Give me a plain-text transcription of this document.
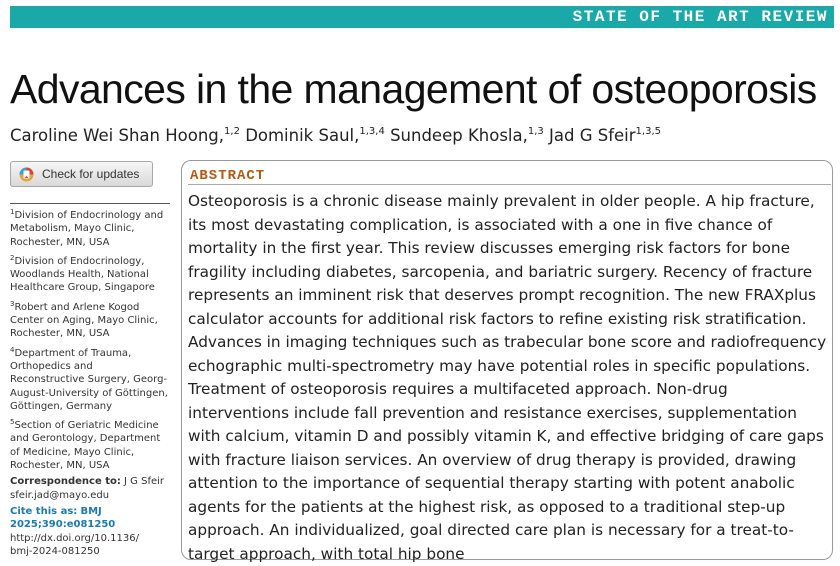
STATE OF THE ART REVIEW
Advances in the management of osteoporosis
Caroline Wei Shan Hoong,$^{1,2}$ Dominik Saul,$^{1,3,4}$ Sundeep Khosla,$^{1,3}$ Jad G Sfeir$^{1,3,5}$
Check for updates
$^1$Division of Endocrinology and Metabolism, Mayo Clinic, Rochester, MN, USA
$^2$Division of Endocrinology, Woodlands Health, National Healthcare Group, Singapore
$^3$Robert and Arlene Kogod Center on Aging, Mayo Clinic, Rochester, MN, USA
$^4$Department of Trauma, Orthopedics and Reconstructive Surgery, Georg-August-University of Göttingen, Göttingen, Germany
$^5$Section of Geriatric Medicine and Gerontology, Department of Medicine, Mayo Clinic, Rochester, MN, USA
Correspondence to: J G Sfeir
sfeir.jad@mayo.edu
Cite this as: BMJ 2025;390:e081250
http://dx.doi.org/10.1136/
bmj-2024-081250
ABSTRACT
Osteoporosis is a chronic disease mainly prevalent in older people. A hip fracture, its most devastating complication, is associated with a one in five chance of mortality in the first year. This review discusses emerging risk factors for bone fragility including diabetes, sarcopenia, and bariatric surgery. Recency of fracture represents an imminent risk that deserves prompt recognition. The new FRAXplus calculator accounts for additional risk factors to refine existing risk stratification. Advances in imaging techniques such as trabecular bone score and radiofrequency echographic multi-spectrometry may have potential roles in specific populations. Treatment of osteoporosis requires a multifaceted approach. Non-drug interventions include fall prevention and resistance exercises, supplementation with calcium, vitamin D and possibly vitamin K, and effective bridging of care gaps with fracture liaison services. An overview of drug therapy is provided, drawing attention to the importance of sequential therapy starting with potent anabolic agents for the patients at the highest risk, as opposed to a traditional step-up approach. An individualized, goal directed care plan is necessary for a treat-to-target approach, with total hip bone
